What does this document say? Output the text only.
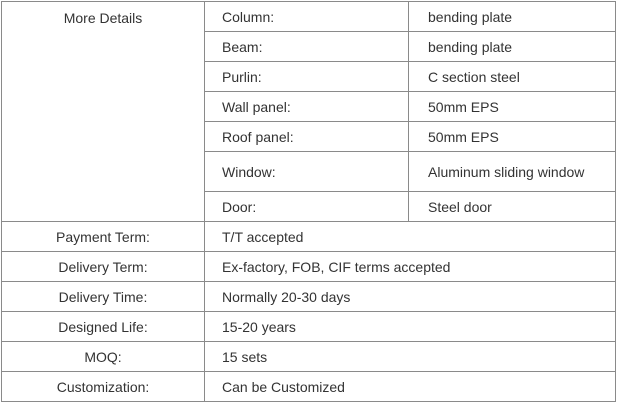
More Details	Column:	bending plate
	Beam:	bending plate
	Purlin:	C section steel
	Wall panel:	50mm EPS
	Roof panel:	50mm EPS
	Window:	Aluminum sliding window
	Door:	Steel door
Payment Term:	T/T accepted	
Delivery Term:	Ex-factory, FOB, CIF terms accepted	
Delivery Time:	Normally 20-30 days	
Designed Life:	15-20 years	
MOQ:	15 sets	
Customization:	Can be Customized	
